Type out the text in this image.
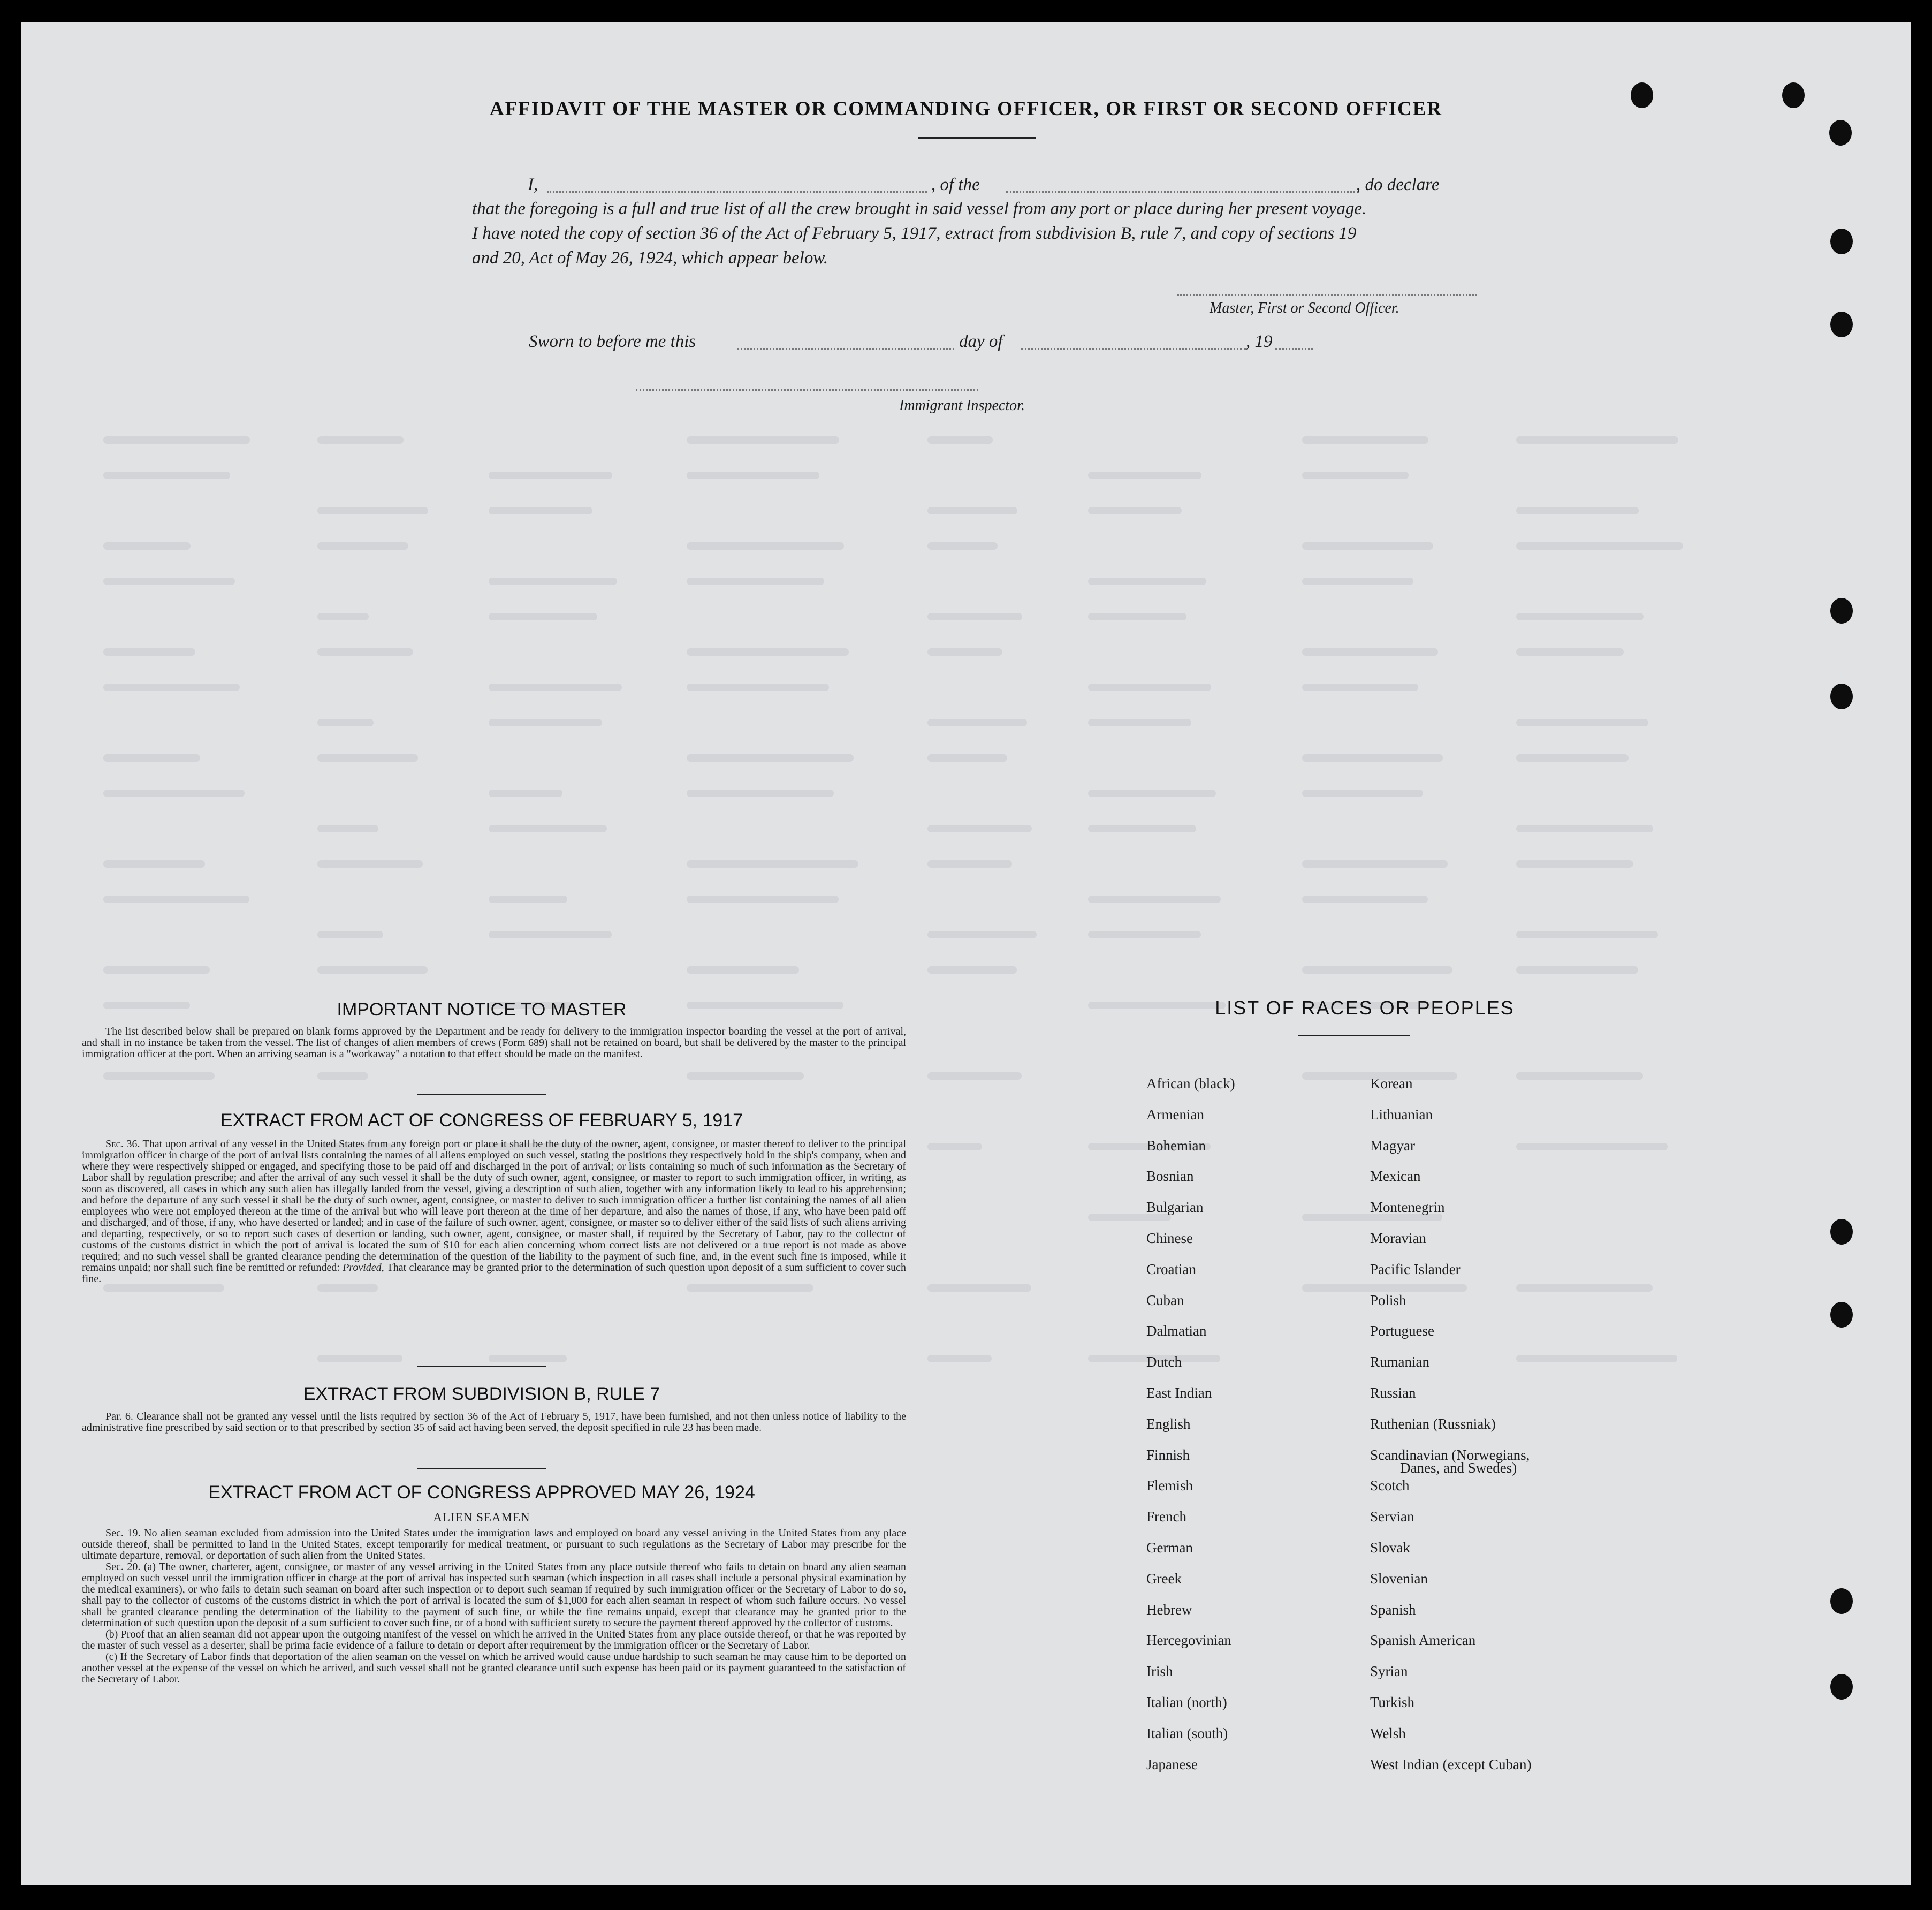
AFFIDAVIT OF THE MASTER OR COMMANDING OFFICER, OR FIRST OR SECOND OFFICER
I,	, of the	, do declare
that the foregoing is a full and true list of all the crew brought in said vessel from any port or place during her present voyage.
I have noted the copy of section 36 of the Act of February 5, 1917, extract from subdivision B, rule 7, and copy of sections 19
and 20, Act of May 26, 1924, which appear below.
Master, First or Second Officer.
Sworn to before me this	day of	, 19
Immigrant Inspector.
IMPORTANT NOTICE TO MASTER

The list described below shall be prepared on blank forms approved by the Department and be ready for delivery to the immigration inspector boarding the vessel at the port of arrival, and shall in no instance be taken from the vessel. The list of changes of alien members of crews (Form 689) shall not be retained on board, but shall be delivered by the master to the principal immigration officer at the port. When an arriving seaman is a "workaway" a notation to that effect should be made on the manifest.

EXTRACT FROM ACT OF CONGRESS OF FEBRUARY 5, 1917

Sec. 36. That upon arrival of any vessel in the United States from any foreign port or place it shall be the duty of the owner, agent, consignee, or master thereof to deliver to the principal immigration officer in charge of the port of arrival lists containing the names of all aliens employed on such vessel, stating the positions they respectively hold in the ship's company, when and where they were respectively shipped or engaged, and specifying those to be paid off and discharged in the port of arrival; or lists containing so much of such information as the Secretary of Labor shall by regulation prescribe; and after the arrival of any such vessel it shall be the duty of such owner, agent, consignee, or master to report to such immigration officer, in writing, as soon as discovered, all cases in which any such alien has illegally landed from the vessel, giving a description of such alien, together with any information likely to lead to his apprehension; and before the departure of any such vessel it shall be the duty of such owner, agent, consignee, or master to deliver to such immigration officer a further list containing the names of all alien employees who were not employed thereon at the time of the arrival but who will leave port thereon at the time of her departure, and also the names of those, if any, who have been paid off and discharged, and of those, if any, who have deserted or landed; and in case of the failure of such owner, agent, consignee, or master so to deliver either of the said lists of such aliens arriving and departing, respectively, or so to report such cases of desertion or landing, such owner, agent, consignee, or master shall, if required by the Secretary of Labor, pay to the collector of customs of the customs district in which the port of arrival is located the sum of $10 for each alien concerning whom correct lists are not delivered or a true report is not made as above required; and no such vessel shall be granted clearance pending the determination of the question of the liability to the payment of such fine, and, in the event such fine is imposed, while it remains unpaid; nor shall such fine be remitted or refunded: Provided, That clearance may be granted prior to the determination of such question upon deposit of a sum sufficient to cover such fine.

EXTRACT FROM SUBDIVISION B, RULE 7

Par. 6. Clearance shall not be granted any vessel until the lists required by section 36 of the Act of February 5, 1917, have been furnished, and not then unless notice of liability to the administrative fine prescribed by said section or to that prescribed by section 35 of said act having been served, the deposit specified in rule 23 has been made.

EXTRACT FROM ACT OF CONGRESS APPROVED MAY 26, 1924
ALIEN SEAMEN

Sec. 19. No alien seaman excluded from admission into the United States under the immigration laws and employed on board any vessel arriving in the United States from any place outside thereof, shall be permitted to land in the United States, except temporarily for medical treatment, or pursuant to such regulations as the Secretary of Labor may prescribe for the ultimate departure, removal, or deportation of such alien from the United States.

Sec. 20. (a) The owner, charterer, agent, consignee, or master of any vessel arriving in the United States from any place outside thereof who fails to detain on board any alien seaman employed on such vessel until the immigration officer in charge at the port of arrival has inspected such seaman (which inspection in all cases shall include a personal physical examination by the medical examiners), or who fails to detain such seaman on board after such inspection or to deport such seaman if required by such immigration officer or the Secretary of Labor to do so, shall pay to the collector of customs of the customs district in which the port of arrival is located the sum of $1,000 for each alien seaman in respect of whom such failure occurs. No vessel shall be granted clearance pending the determination of the liability to the payment of such fine, or while the fine remains unpaid, except that clearance may be granted prior to the determination of such question upon the deposit of a sum sufficient to cover such fine, or of a bond with sufficient surety to secure the payment thereof approved by the collector of customs.

(b) Proof that an alien seaman did not appear upon the outgoing manifest of the vessel on which he arrived in the United States from any place outside thereof, or that he was reported by the master of such vessel as a deserter, shall be prima facie evidence of a failure to detain or deport after requirement by the immigration officer or the Secretary of Labor.

(c) If the Secretary of Labor finds that deportation of the alien seaman on the vessel on which he arrived would cause undue hardship to such seaman he may cause him to be deported on another vessel at the expense of the vessel on which he arrived, and such vessel shall not be granted clearance until such expense has been paid or its payment guaranteed to the satisfaction of the Secretary of Labor.

LIST OF RACES OR PEOPLES
African (black)
Armenian
Bohemian
Bosnian
Bulgarian
Chinese
Croatian
Cuban
Dalmatian
Dutch
East Indian
English
Finnish
Flemish
French
German
Greek
Hebrew
Hercegovinian
Irish
Italian (north)
Italian (south)
Japanese
Korean
Lithuanian
Magyar
Mexican
Montenegrin
Moravian
Pacific Islander
Polish
Portuguese
Rumanian
Russian
Ruthenian (Russniak)
Scandinavian (Norwegians,
Scotch
Servian
Slovak
Slovenian
Spanish
Spanish American
Syrian
Turkish
Welsh
West Indian (except Cuban)
Danes, and Swedes)
